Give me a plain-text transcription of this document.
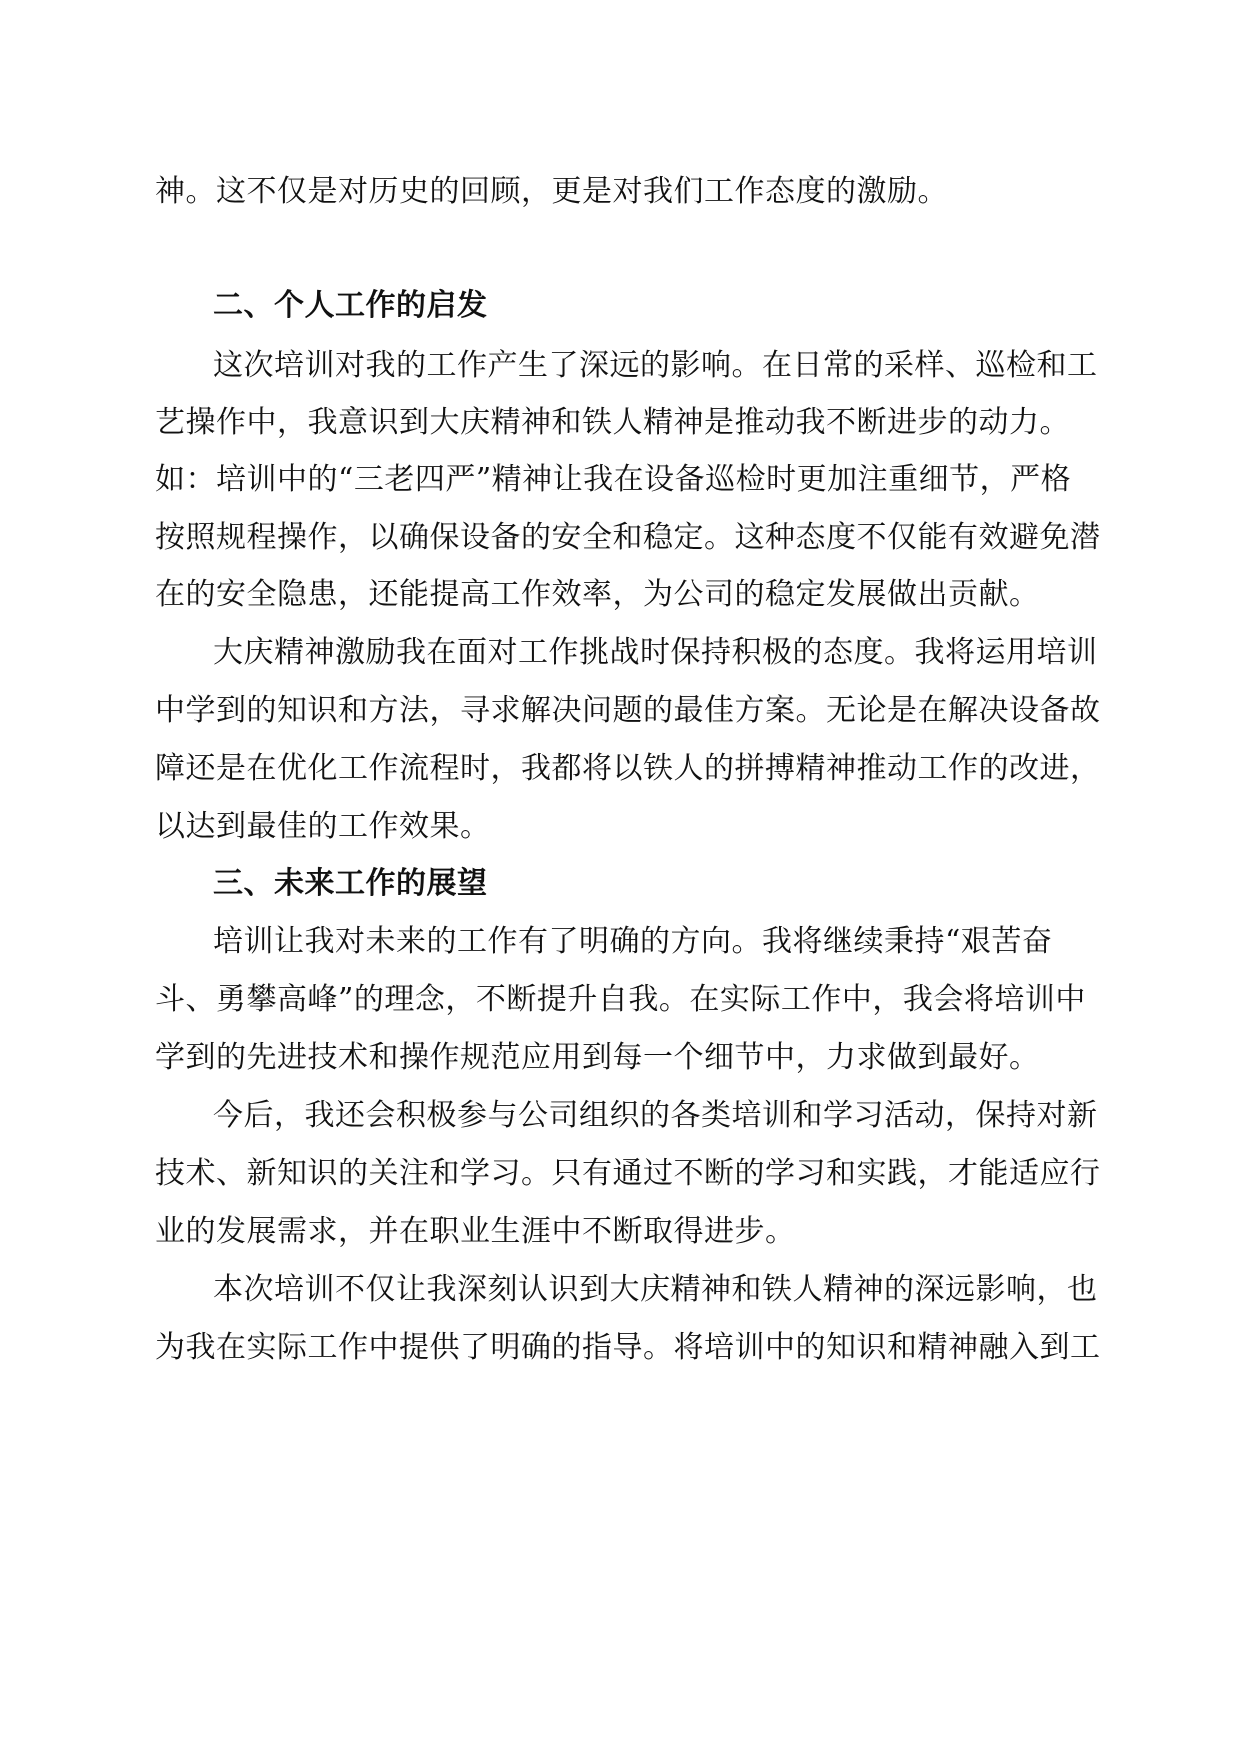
神。这不仅是对历史的回顾，更是对我们工作态度的激励。
二、个人工作的启发
这次培训对我的工作产生了深远的影响。在日常的采样、巡检和工
艺操作中，我意识到大庆精神和铁人精神是推动我不断进步的动力。
如：培训中的“三老四严”精神让我在设备巡检时更加注重细节，严格
按照规程操作，以确保设备的安全和稳定。这种态度不仅能有效避免潜
在的安全隐患，还能提高工作效率，为公司的稳定发展做出贡献。
大庆精神激励我在面对工作挑战时保持积极的态度。我将运用培训
中学到的知识和方法，寻求解决问题的最佳方案。无论是在解决设备故
障还是在优化工作流程时，我都将以铁人的拼搏精神推动工作的改进，
以达到最佳的工作效果。
三、未来工作的展望
培训让我对未来的工作有了明确的方向。我将继续秉持“艰苦奋
斗、勇攀高峰”的理念，不断提升自我。在实际工作中，我会将培训中
学到的先进技术和操作规范应用到每一个细节中，力求做到最好。
今后，我还会积极参与公司组织的各类培训和学习活动，保持对新
技术、新知识的关注和学习。只有通过不断的学习和实践，才能适应行
业的发展需求，并在职业生涯中不断取得进步。
本次培训不仅让我深刻认识到大庆精神和铁人精神的深远影响，也
为我在实际工作中提供了明确的指导。将培训中的知识和精神融入到工
